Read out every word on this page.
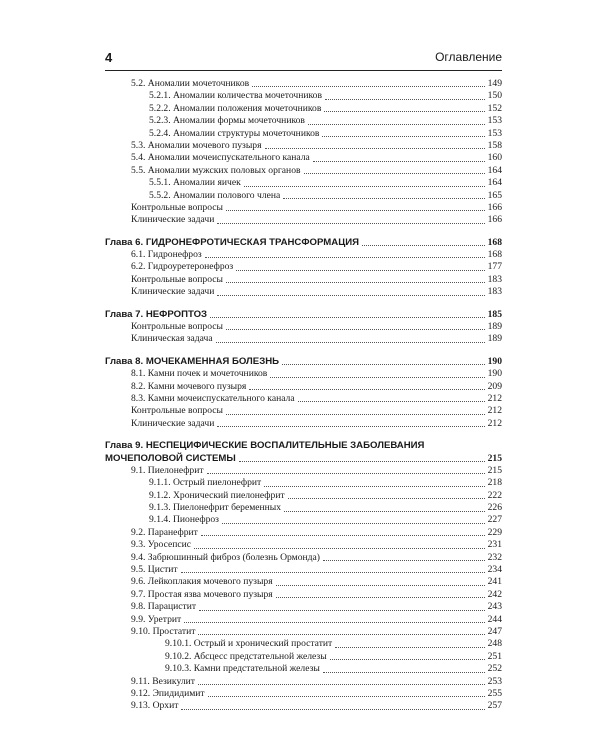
4	Оглавление
5.2. Аномалии мочеточников	149
5.2.1. Аномалии количества мочеточников	150
5.2.2. Аномалии положения мочеточников	152
5.2.3. Аномалии формы мочеточников	153
5.2.4. Аномалии структуры мочеточников	153
5.3. Аномалии мочевого пузыря	158
5.4. Аномалии мочеиспускательного канала	160
5.5. Аномалии мужских половых органов	164
5.5.1. Аномалии яичек	164
5.5.2. Аномалии полового члена	165
Контрольные вопросы	166
Клинические задачи	166
Глава 6. ГИДРОНЕФРОТИЧЕСКАЯ ТРАНСФОРМАЦИЯ	168
6.1. Гидронефроз	168
6.2. Гидроуретеронефроз	177
Контрольные вопросы	183
Клинические задачи	183
Глава 7. НЕФРОПТОЗ	185
Контрольные вопросы	189
Клиническая задача	189
Глава 8. МОЧЕКАМЕННАЯ БОЛЕЗНЬ	190
8.1. Камни почек и мочеточников	190
8.2. Камни мочевого пузыря	209
8.3. Камни мочеиспускательного канала	212
Контрольные вопросы	212
Клинические задачи	212
Глава 9. НЕСПЕЦИФИЧЕСКИЕ ВОСПАЛИТЕЛЬНЫЕ ЗАБОЛЕВАНИЯ
МОЧЕПОЛОВОЙ СИСТЕМЫ	215
9.1. Пиелонефрит	215
9.1.1. Острый пиелонефрит	218
9.1.2. Хронический пиелонефрит	222
9.1.3. Пиелонефрит беременных	226
9.1.4. Пионефроз	227
9.2. Паранефрит	229
9.3. Уросепсис	231
9.4. Забрюшинный фиброз (болезнь Ормонда)	232
9.5. Цистит	234
9.6. Лейкоплакия мочевого пузыря	241
9.7. Простая язва мочевого пузыря	242
9.8. Парацистит	243
9.9. Уретрит	244
9.10. Простатит	247
9.10.1. Острый и хронический простатит	248
9.10.2. Абсцесс предстательной железы	251
9.10.3. Камни предстательной железы	252
9.11. Везикулит	253
9.12. Эпидидимит	255
9.13. Орхит	257
